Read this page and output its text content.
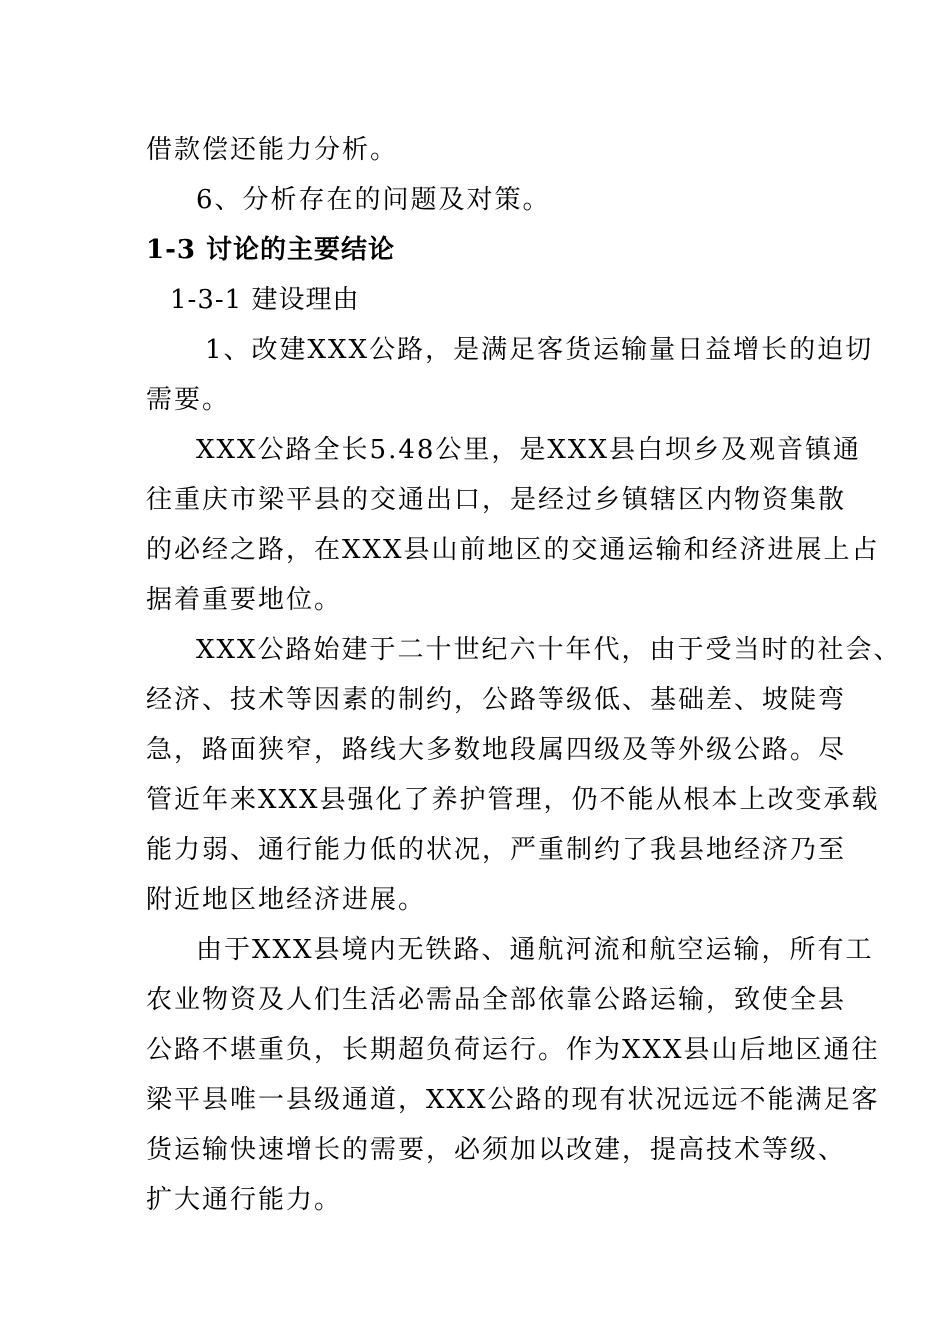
借款偿还能力分析。
6、分析存在的问题及对策。
1-3 讨论的主要结论
1-3-1 建设理由
1、改建XXX公路，是满足客货运输量日益增长的迫切
需要。
XXX公路全长5.48公里，是XXX县白坝乡及观音镇通
往重庆市梁平县的交通出口，是经过乡镇辖区内物资集散
的必经之路，在XXX县山前地区的交通运输和经济进展上占
据着重要地位。
XXX公路始建于二十世纪六十年代，由于受当时的社会、
经济、技术等因素的制约，公路等级低、基础差、坡陡弯
急，路面狭窄，路线大多数地段属四级及等外级公路。尽
管近年来XXX县强化了养护管理，仍不能从根本上改变承载
能力弱、通行能力低的状况，严重制约了我县地经济乃至
附近地区地经济进展。
由于XXX县境内无铁路、通航河流和航空运输，所有工
农业物资及人们生活必需品全部依靠公路运输，致使全县
公路不堪重负，长期超负荷运行。作为XXX县山后地区通往
梁平县唯一县级通道，XXX公路的现有状况远远不能满足客
货运输快速增长的需要，必须加以改建，提高技术等级、
扩大通行能力。
